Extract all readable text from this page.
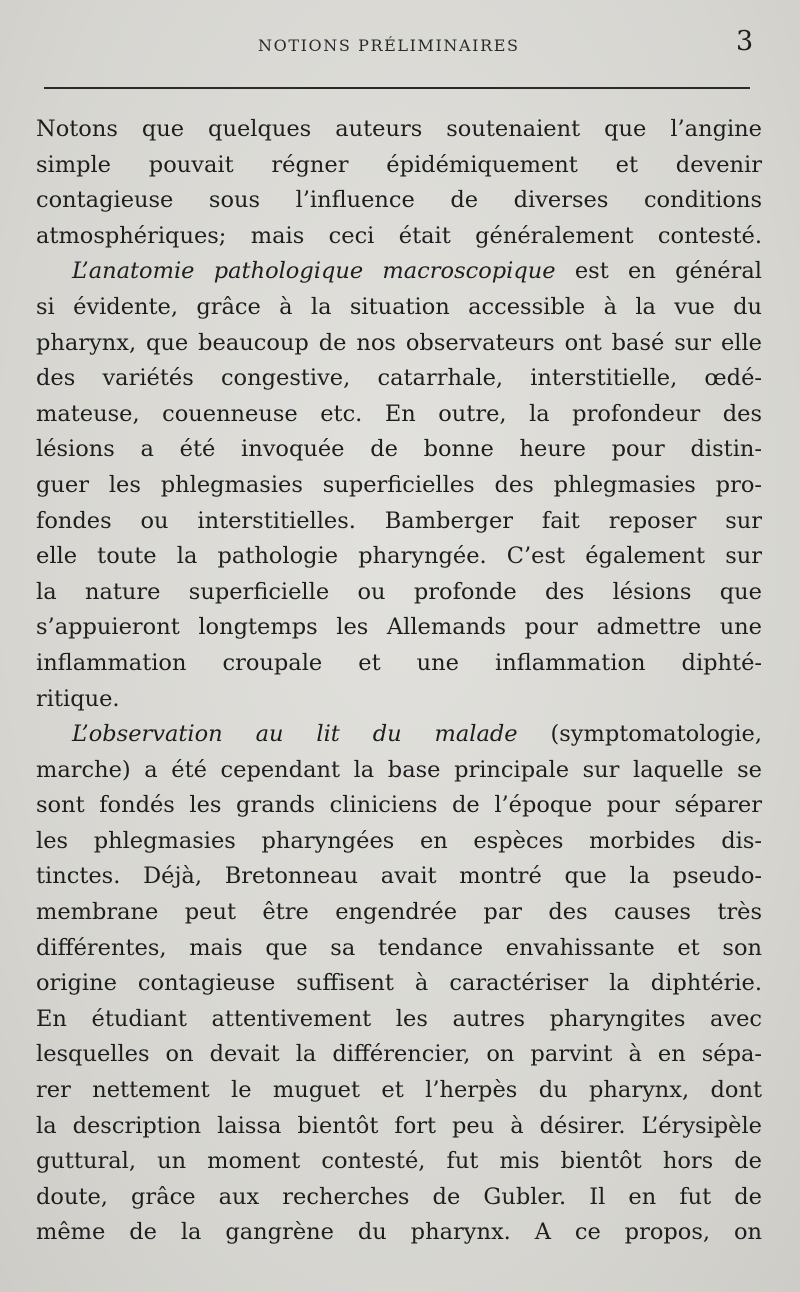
NOTIONS PRÉLIMINAIRES	3
Notons que quelques auteurs soutenaient que l’angine
simple pouvait régner épidémiquement et devenir
contagieuse sous l’influence de diverses conditions
atmosphériques; mais ceci était généralement contesté.
L’anatomie pathologique macroscopique est en général
si évidente, grâce à la situation accessible à la vue du
pharynx, que beaucoup de nos observateurs ont basé sur elle
des variétés congestive, catarrhale, interstitielle, œdé-
mateuse, couenneuse etc. En outre, la profondeur des
lésions a été invoquée de bonne heure pour distin-
guer les phlegmasies superficielles des phlegmasies pro-
fondes ou interstitielles. Bamberger fait reposer sur
elle toute la pathologie pharyngée. C’est également sur
la nature superficielle ou profonde des lésions que
s’appuieront longtemps les Allemands pour admettre une
inflammation croupale et une inflammation diphté-
ritique.
L’observation au lit du malade (symptomatologie,
marche) a été cependant la base principale sur laquelle se
sont fondés les grands cliniciens de l’époque pour séparer
les phlegmasies pharyngées en espèces morbides dis-
tinctes. Déjà, Bretonneau avait montré que la pseudo-
membrane peut être engendrée par des causes très
différentes, mais que sa tendance envahissante et son
origine contagieuse suffisent à caractériser la diphtérie.
En étudiant attentivement les autres pharyngites avec
lesquelles on devait la différencier, on parvint à en sépa-
rer nettement le muguet et l’herpès du pharynx, dont
la description laissa bientôt fort peu à désirer. L’érysipèle
guttural, un moment contesté, fut mis bientôt hors de
doute, grâce aux recherches de Gubler. Il en fut de
même de la gangrène du pharynx. A ce propos, on
